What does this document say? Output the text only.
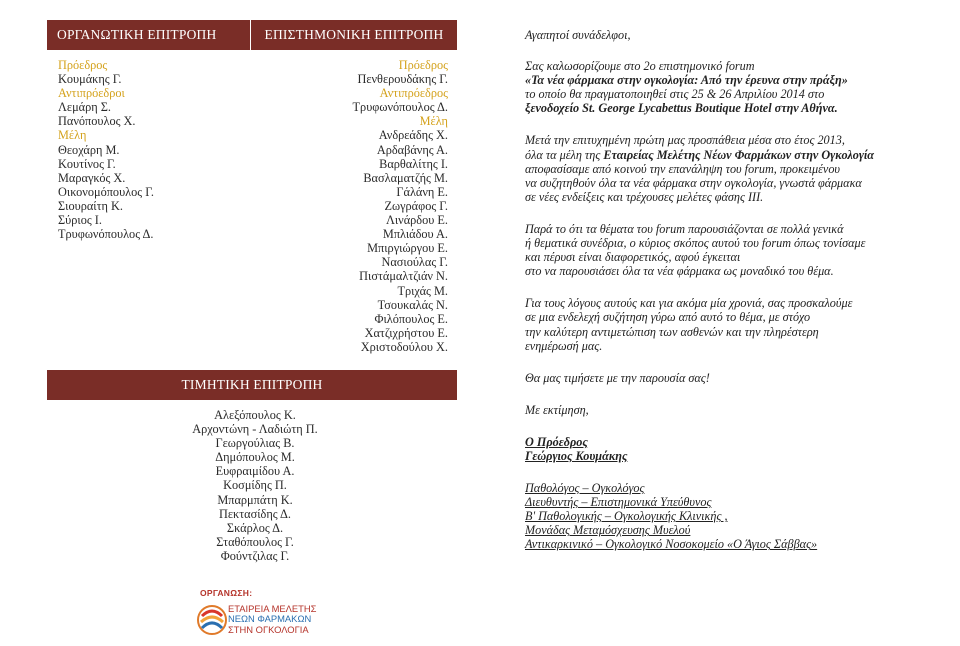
ΟΡΓΑΝΩΤΙΚΗ ΕΠΙΤΡΟΠΗ	ΕΠΙΣΤΗΜΟΝΙΚΗ ΕΠΙΤΡΟΠΗ
ΤΙΜΗΤΙΚΗ ΕΠΙΤΡΟΠΗ
Πρόεδρος
Κουμάκης Γ.
Αντιπρόεδροι
Λεμάρη Σ.
Πανόπουλος Χ.
Μέλη
Θεοχάρη Μ.
Κουτίνος Γ.
Μαραγκός Χ.
Οικονομόπουλος Γ.
Σιουραίτη Κ.
Σύριος Ι.
Τρυφωνόπουλος Δ.
Πρόεδρος
Πενθερουδάκης Γ.
Αντιπρόεδρος
Τρυφωνόπουλος Δ.
Μέλη
Ανδρεάδης Χ.
Αρδαβάνης Α.
Βαρθαλίτης Ι.
Βασλαματζής Μ.
Γάλάνη Ε.
Ζωγράφος Γ.
Λινάρδου Ε.
Μπλιάδου Α.
Μπιργιώργου Ε.
Νασιούλας Γ.
Πιστάμαλτζιάν Ν.
Τριχάς Μ.
Τσουκαλάς Ν.
Φιλόπουλος Ε.
Χατζιχρήστου Ε.
Χριστοδούλου Χ.
Αλεξόπουλος Κ.
Αρχοντώνη - Λαδιώτη Π.
Γεωργούλιας Β.
Δημόπουλος Μ.
Ευφραιμίδου Α.
Κοσμίδης Π.
Μπαρμπάτη Κ.
Πεκτασίδης Δ.
Σκάρλος Δ.
Σταθόπουλος Γ.
Φούντζιλας Γ.

Αγαπητοί συνάδελφοι,

Σας καλωσορίζουμε στο 2ο επιστημονικό forum
«Τα νέα φάρμακα στην ογκολογία: Από την έρευνα στην πράξη»
το οποίο θα πραγματοποιηθεί στις 25 & 26 Απριλίου 2014 στο
ξενοδοχείο St. George Lycabettus Boutique Hotel στην Αθήνα.

Μετά την επιτυχημένη πρώτη μας προσπάθεια μέσα στο έτος 2013,
όλα τα μέλη της Εταιρείας Μελέτης Νέων Φαρμάκων στην Ογκολογία
αποφασίσαμε από κοινού την επανάληψη του forum, προκειμένου
να συζητηθούν όλα τα νέα φάρμακα στην ογκολογία, γνωστά φάρμακα
σε νέες ενδείξεις και τρέχουσες μελέτες φάσης ΙΙΙ.

Παρά το ότι τα θέματα του forum παρουσιάζονται σε πολλά γενικά
ή θεματικά συνέδρια, ο κύριος σκόπος αυτού του forum όπως τονίσαμε
και πέρυσι είναι διαφορετικός, αφού έγκειται
στο να παρουσιάσει όλα τα νέα φάρμακα ως μοναδικό του θέμα.

Για τους λόγους αυτούς και για ακόμα μία χρονιά, σας προσκαλούμε
σε μια ενδελεχή συζήτηση γύρω από αυτό το θέμα, με στόχο
την καλύτερη αντιμετώπιση των ασθενών και την πληρέστερη
ενημέρωσή μας.

Θα μας τιμήσετε με την παρουσία σας!

Με εκτίμηση,

Ο Πρόεδρος
Γεώργιος Κουμάκης

Παθολόγος – Ογκολόγος
Διευθυντής – Επιστημονικά Υπεύθυνος
Β' Παθολογικής – Ογκολογικής Κλινικής ,
Μονάδας Μεταμόσχευσης Μυελού
Αντικαρκινικό – Ογκολογικό Νοσοκομείο «Ο Άγιος Σάββας»

ΟΡΓΑΝΩΣΗ:
ΕΤΑΙΡΕΙΑ ΜΕΛΕΤΗΣ
ΝΕΩΝ ΦΑΡΜΑΚΩΝ
ΣΤΗΝ ΟΓΚΟΛΟΓΙΑ
